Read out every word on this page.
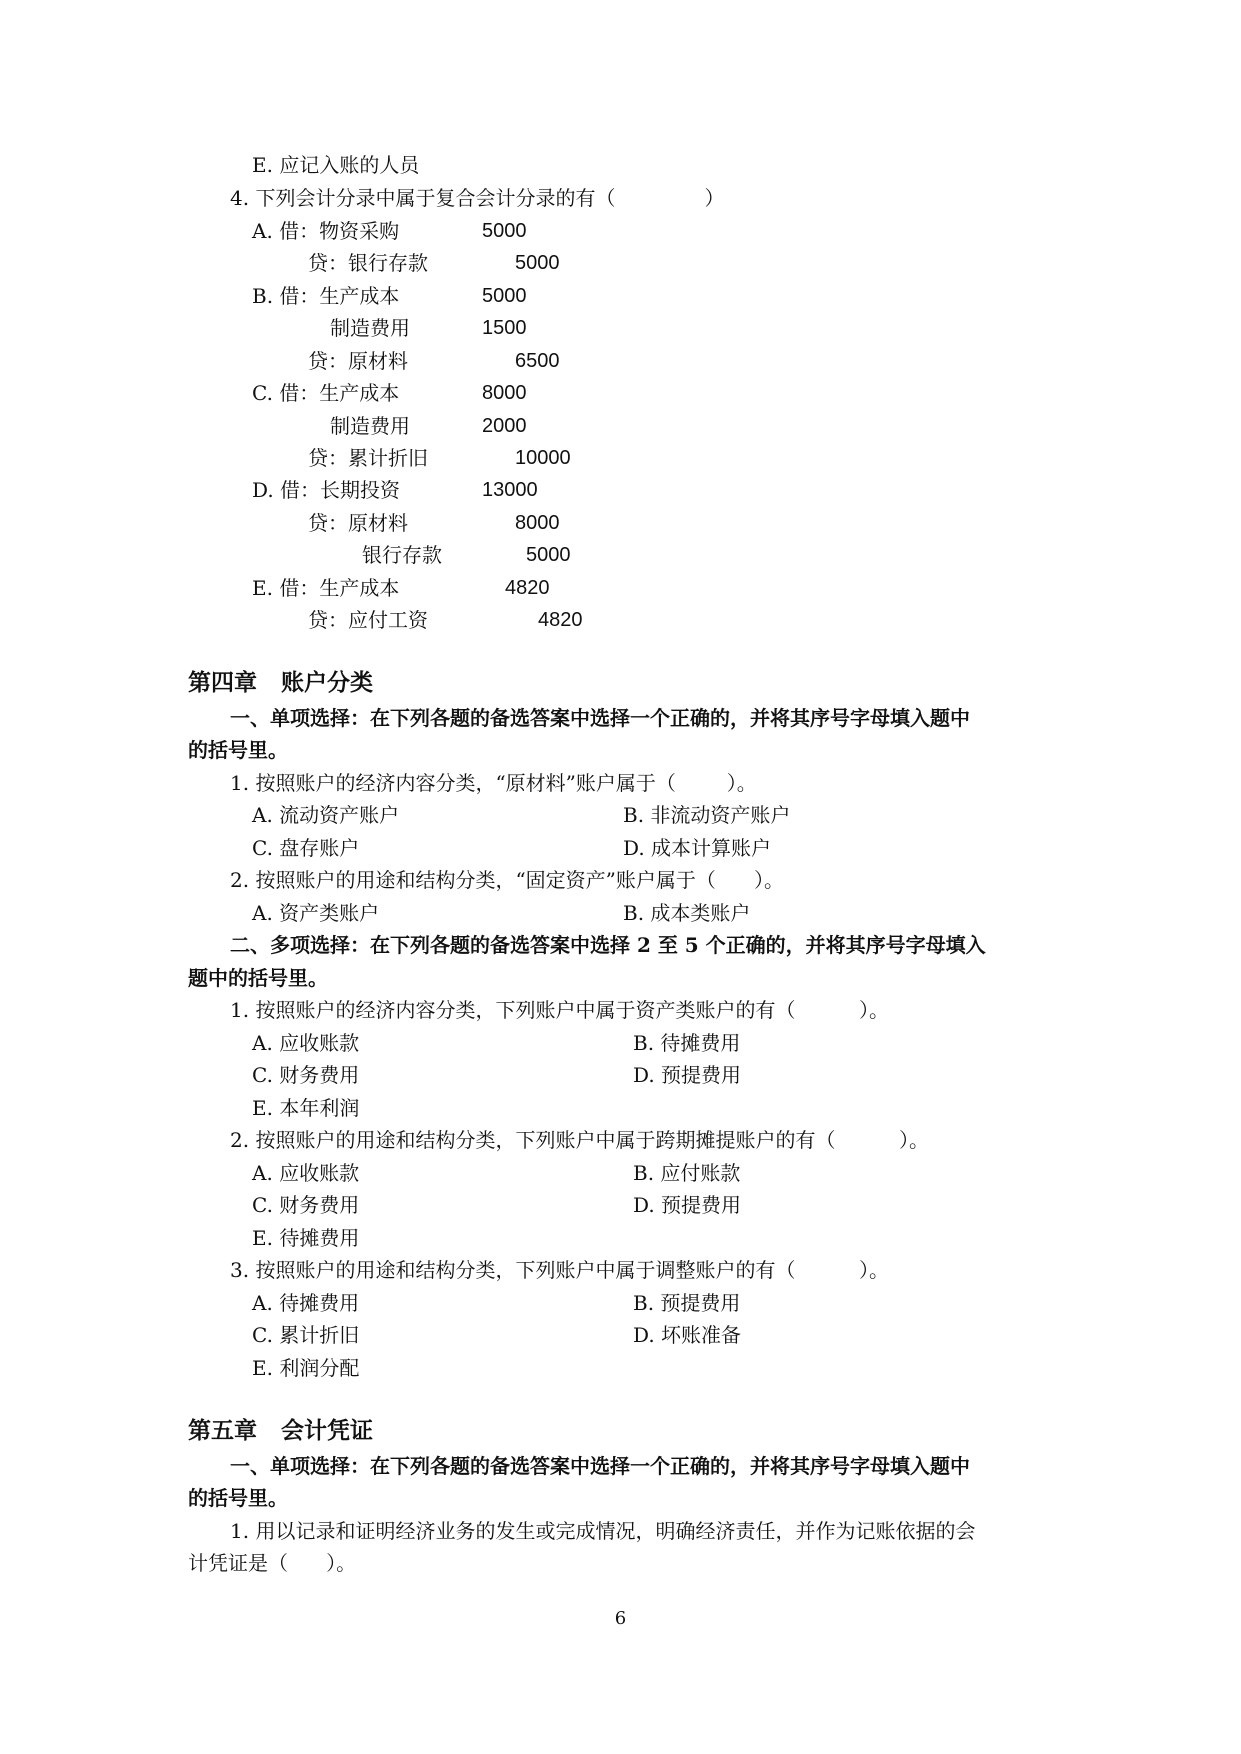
E. 应记入账的人员
4. 下列会计分录中属于复合会计分录的有（              ）
A. 借：物资采购	5000
贷：银行存款	5000
B. 借：生产成本	5000
制造费用	1500
贷：原材料	6500
C. 借：生产成本	8000
制造费用	2000
贷：累计折旧	10000
D. 借：长期投资	13000
贷：原材料	8000
银行存款	5000
E. 借：生产成本	4820
贷：应付工资	4820
第四章   账户分类
一、单项选择：在下列各题的备选答案中选择一个正确的，并将其序号字母填入题中
的括号里。
1. 按照账户的经济内容分类，“原材料”账户属于（        ）。
A. 流动资产账户	B. 非流动资产账户
C. 盘存账户	D. 成本计算账户
2. 按照账户的用途和结构分类，“固定资产”账户属于（      ）。
A. 资产类账户	B. 成本类账户
二、多项选择：在下列各题的备选答案中选择 2 至 5 个正确的，并将其序号字母填入
题中的括号里。
1. 按照账户的经济内容分类，下列账户中属于资产类账户的有（          ）。
A. 应收账款	B. 待摊费用
C. 财务费用	D. 预提费用
E. 本年利润
2. 按照账户的用途和结构分类，下列账户中属于跨期摊提账户的有（          ）。
A. 应收账款	B. 应付账款
C. 财务费用	D. 预提费用
E. 待摊费用
3. 按照账户的用途和结构分类，下列账户中属于调整账户的有（          ）。
A. 待摊费用	B. 预提费用
C. 累计折旧	D. 坏账准备
E. 利润分配
第五章   会计凭证
一、单项选择：在下列各题的备选答案中选择一个正确的，并将其序号字母填入题中
的括号里。
1. 用以记录和证明经济业务的发生或完成情况，明确经济责任，并作为记账依据的会
计凭证是（      ）。
6
